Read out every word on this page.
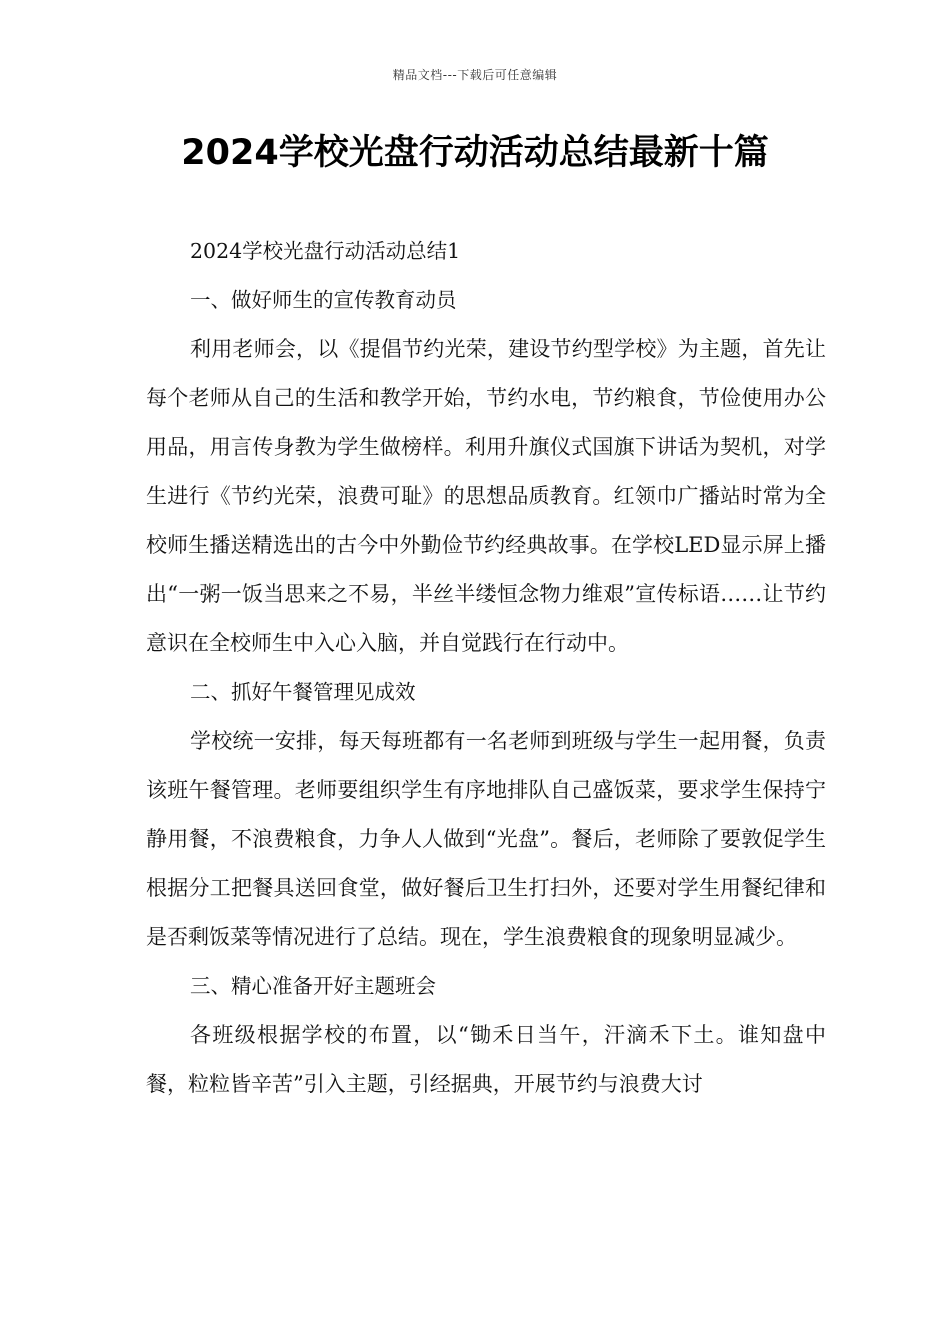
精品文档---下载后可任意编辑
2024学校光盘行动活动总结最新十篇

2024学校光盘行动活动总结1

一、做好师生的宣传教育动员

利用老师会，以《提倡节约光荣，建设节约型学校》为主题，首先让每个老师从自己的生活和教学开始，节约水电，节约粮食，节俭使用办公用品，用言传身教为学生做榜样。利用升旗仪式国旗下讲话为契机，对学生进行《节约光荣，浪费可耻》的思想品质教育。红领巾广播站时常为全校师生播送精选出的古今中外勤俭节约经典故事。在学校LED显示屏上播出“一粥一饭当思来之不易，半丝半缕恒念物力维艰”宣传标语……让节约意识在全校师生中入心入脑，并自觉践行在行动中。

二、抓好午餐管理见成效

学校统一安排，每天每班都有一名老师到班级与学生一起用餐，负责该班午餐管理。老师要组织学生有序地排队自己盛饭菜，要求学生保持宁静用餐，不浪费粮食，力争人人做到“光盘”。餐后，老师除了要敦促学生根据分工把餐具送回食堂，做好餐后卫生打扫外，还要对学生用餐纪律和是否剩饭菜等情况进行了总结。现在，学生浪费粮食的现象明显减少。

三、精心准备开好主题班会

各班级根据学校的布置，以“锄禾日当午，汗滴禾下土。谁知盘中餐，粒粒皆辛苦”引入主题，引经据典，开展节约与浪费大讨
